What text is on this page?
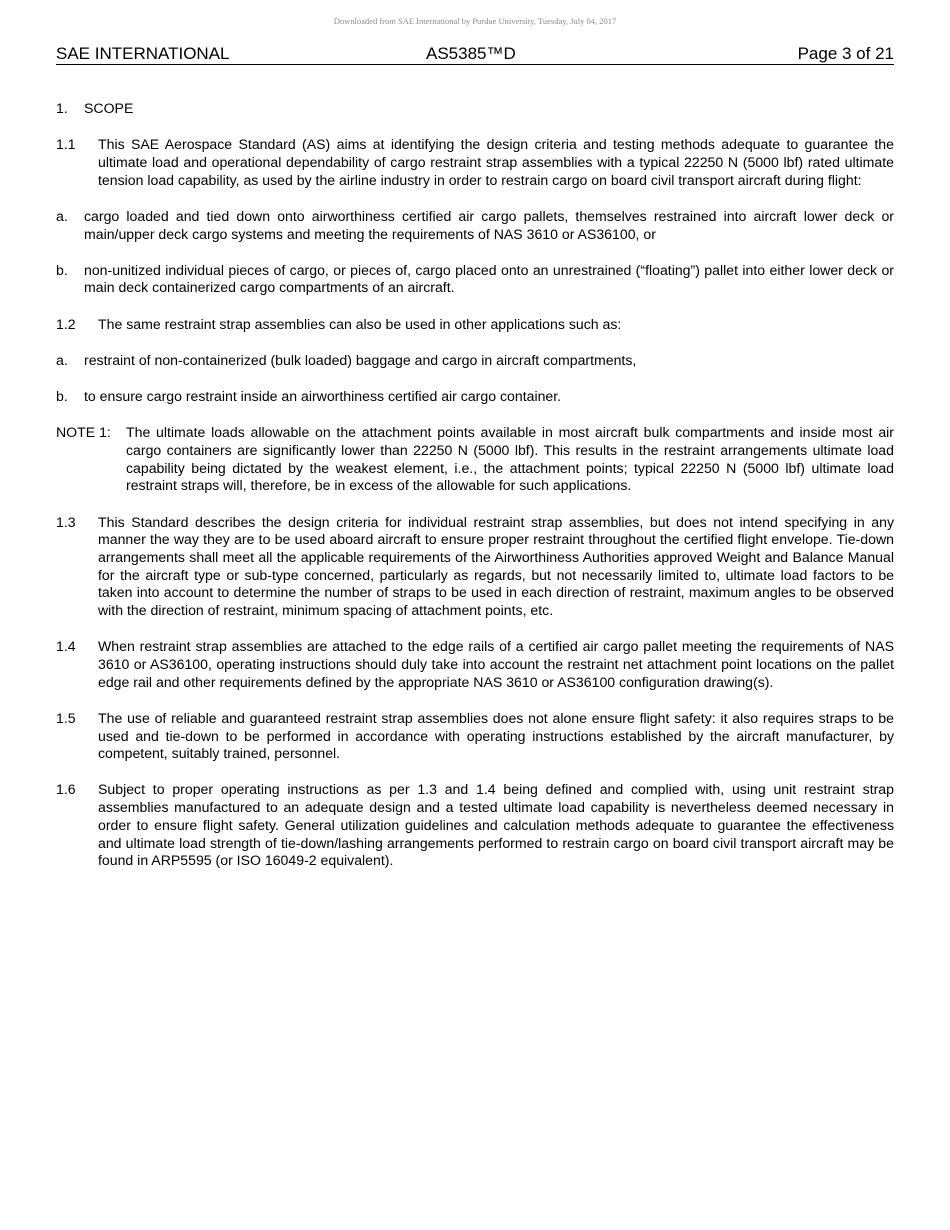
Downloaded from SAE International by Purdue University, Tuesday, July 04, 2017
SAE INTERNATIONAL	AS5385™D	Page 3 of 21
1. SCOPE
1.1 This SAE Aerospace Standard (AS) aims at identifying the design criteria and testing methods adequate to guarantee the ultimate load and operational dependability of cargo restraint strap assemblies with a typical 22250 N (5000 lbf) rated ultimate tension load capability, as used by the airline industry in order to restrain cargo on board civil transport aircraft during flight:
a. cargo loaded and tied down onto airworthiness certified air cargo pallets, themselves restrained into aircraft lower deck or main/upper deck cargo systems and meeting the requirements of NAS 3610 or AS36100, or
b. non-unitized individual pieces of cargo, or pieces of, cargo placed onto an unrestrained (“floating”) pallet into either lower deck or main deck containerized cargo compartments of an aircraft.
1.2 The same restraint strap assemblies can also be used in other applications such as:
a. restraint of non-containerized (bulk loaded) baggage and cargo in aircraft compartments,
b. to ensure cargo restraint inside an airworthiness certified air cargo container.
NOTE 1: The ultimate loads allowable on the attachment points available in most aircraft bulk compartments and inside most air cargo containers are significantly lower than 22250 N (5000 lbf). This results in the restraint arrangements ultimate load capability being dictated by the weakest element, i.e., the attachment points; typical 22250 N (5000 lbf) ultimate load restraint straps will, therefore, be in excess of the allowable for such applications.
1.3 This Standard describes the design criteria for individual restraint strap assemblies, but does not intend specifying in any manner the way they are to be used aboard aircraft to ensure proper restraint throughout the certified flight envelope. Tie-down arrangements shall meet all the applicable requirements of the Airworthiness Authorities approved Weight and Balance Manual for the aircraft type or sub-type concerned, particularly as regards, but not necessarily limited to, ultimate load factors to be taken into account to determine the number of straps to be used in each direction of restraint, maximum angles to be observed with the direction of restraint, minimum spacing of attachment points, etc.
1.4 When restraint strap assemblies are attached to the edge rails of a certified air cargo pallet meeting the requirements of NAS 3610 or AS36100, operating instructions should duly take into account the restraint net attachment point locations on the pallet edge rail and other requirements defined by the appropriate NAS 3610 or AS36100 configuration drawing(s).
1.5 The use of reliable and guaranteed restraint strap assemblies does not alone ensure flight safety: it also requires straps to be used and tie-down to be performed in accordance with operating instructions established by the aircraft manufacturer, by competent, suitably trained, personnel.
1.6 Subject to proper operating instructions as per 1.3 and 1.4 being defined and complied with, using unit restraint strap assemblies manufactured to an adequate design and a tested ultimate load capability is nevertheless deemed necessary in order to ensure flight safety. General utilization guidelines and calculation methods adequate to guarantee the effectiveness and ultimate load strength of tie-down/lashing arrangements performed to restrain cargo on board civil transport aircraft may be found in ARP5595 (or ISO 16049-2 equivalent).
